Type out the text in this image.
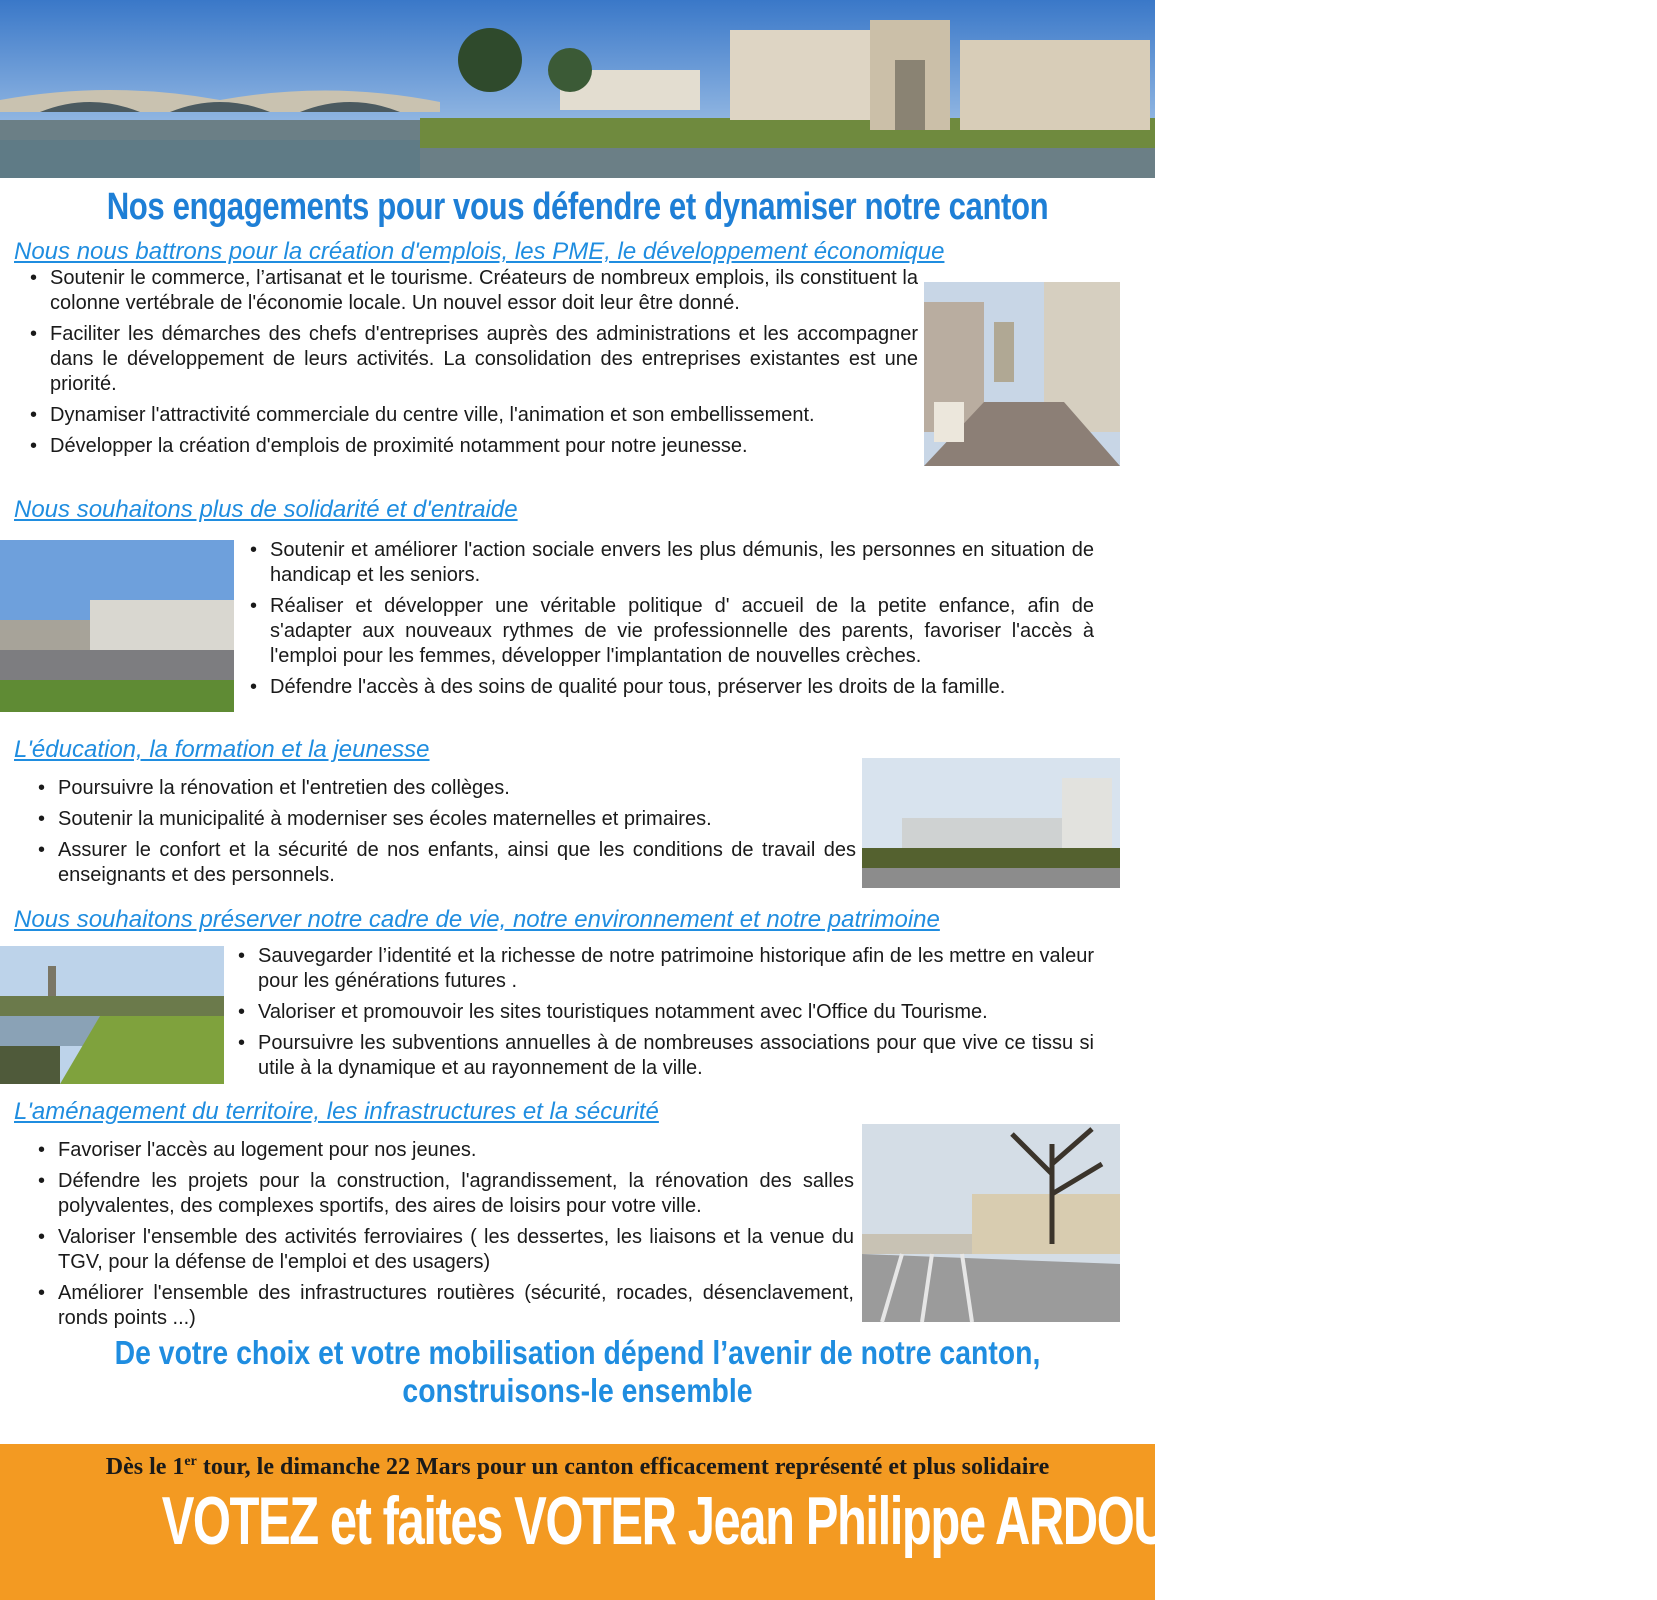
Nos engagements pour vous défendre et dynamiser notre canton
Nous nous battrons pour la création d'emplois, les PME, le développement économique
• Soutenir le commerce, l’artisanat et le tourisme. Créateurs de nombreux emplois, ils constituent la colonne vertébrale de l'économie locale. Un nouvel essor doit leur être donné.
• Faciliter les démarches des chefs d'entreprises auprès des administrations et les accompagner dans le développement de leurs activités. La consolidation des entreprises existantes est une priorité.
• Dynamiser l'attractivité commerciale du centre ville, l'animation et son embellissement.
• Développer la création d'emplois de proximité notamment pour notre jeunesse.
Nous souhaitons plus de solidarité et d'entraide
• Soutenir et améliorer l'action sociale envers les plus démunis, les personnes en situation de handicap et les seniors.
• Réaliser et développer une véritable politique d' accueil de la petite enfance, afin de s'adapter aux nouveaux rythmes de vie professionnelle des parents, favoriser l'accès à l'emploi pour les femmes, développer l'implantation de nouvelles crèches.
• Défendre l'accès à des soins de qualité pour tous, préserver les droits de la famille.
L'éducation, la formation et la jeunesse
• Poursuivre la rénovation et l'entretien des collèges.
• Soutenir la municipalité à moderniser ses écoles maternelles et primaires.
• Assurer le confort et la sécurité de nos enfants, ainsi que les conditions de travail des enseignants et des personnels.
Nous souhaitons préserver notre cadre de vie, notre environnement et notre patrimoine
• Sauvegarder l’identité et la richesse de notre patrimoine historique afin de les mettre en valeur pour les générations futures .
• Valoriser et promouvoir les sites touristiques notamment avec l'Office du Tourisme.
• Poursuivre les subventions annuelles à de nombreuses associations pour que vive ce tissu si utile à la dynamique et au rayonnement de la ville.
L'aménagement du territoire, les infrastructures et la sécurité
• Favoriser l'accès au logement pour nos jeunes.
• Défendre les projets pour la construction, l'agrandissement, la rénovation des salles polyvalentes, des complexes sportifs, des aires de loisirs pour votre ville.
• Valoriser l'ensemble des activités ferroviaires ( les dessertes, les liaisons et la venue du TGV, pour la défense de l'emploi et des usagers)
• Améliorer l'ensemble des infrastructures routières (sécurité, rocades, désenclavement, ronds points ...)
De votre choix et votre mobilisation dépend l’avenir de notre canton,
construisons-le ensemble
Dès le 1er tour, le dimanche 22 Mars pour un canton efficacement représenté et plus solidaire
VOTEZ et faites VOTER Jean Philippe ARDOUIN et Lucie HARVOIRE
